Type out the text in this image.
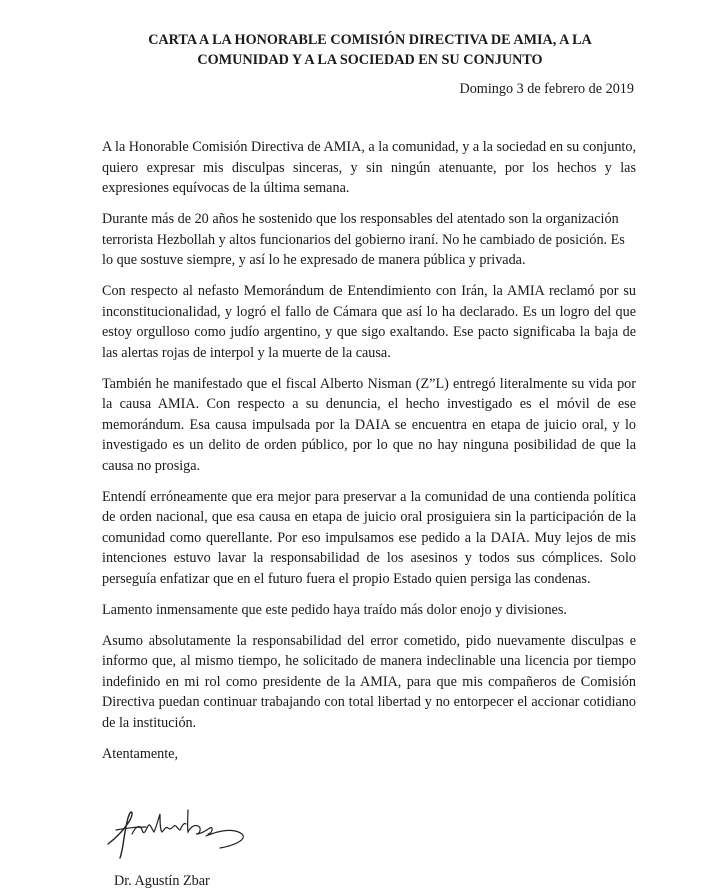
CARTA A LA HONORABLE COMISIÓN DIRECTIVA DE AMIA, A LA
COMUNIDAD Y A LA SOCIEDAD EN SU CONJUNTO

Domingo 3 de febrero de 2019

A la Honorable Comisión Directiva de AMIA, a la comunidad, y a la sociedad en su conjunto, quiero expresar mis disculpas sinceras, y sin ningún atenuante, por los hechos y las expresiones equívocas de la última semana.

Durante más de 20 años he sostenido que los responsables del atentado son la organización terrorista Hezbollah y altos funcionarios del gobierno iraní. No he cambiado de posición. Es lo que sostuve siempre, y así lo he expresado de manera pública y privada.

Con respecto al nefasto Memorándum de Entendimiento con Irán, la AMIA reclamó por su inconstitucionalidad, y logró el fallo de Cámara que así lo ha declarado. Es un logro del que estoy orgulloso como judío argentino, y que sigo exaltando. Ese pacto significaba la baja de las alertas rojas de interpol y la muerte de la causa.

También he manifestado que el fiscal Alberto Nisman (Z”L) entregó literalmente su vida por la causa AMIA. Con respecto a su denuncia, el hecho investigado es el móvil de ese memorándum. Esa causa impulsada por la DAIA se encuentra en etapa de juicio oral, y lo investigado es un delito de orden público, por lo que no hay ninguna posibilidad de que la causa no prosiga.

Entendí erróneamente que era mejor para preservar a la comunidad de una contienda política de orden nacional, que esa causa en etapa de juicio oral prosiguiera sin la participación de la comunidad como querellante. Por eso impulsamos ese pedido a la DAIA. Muy lejos de mis intenciones estuvo lavar la responsabilidad de los asesinos y todos sus cómplices. Solo perseguía enfatizar que en el futuro fuera el propio Estado quien persiga las condenas.

Lamento inmensamente que este pedido haya traído más dolor enojo y divisiones.

Asumo absolutamente la responsabilidad del error cometido, pido nuevamente disculpas e informo que, al mismo tiempo, he solicitado de manera indeclinable una licencia por tiempo indefinido en mi rol como presidente de la AMIA, para que mis compañeros de Comisión Directiva puedan continuar trabajando con total libertad y no entorpecer el accionar cotidiano de la institución.

Atentamente,

Dr. Agustín Zbar
